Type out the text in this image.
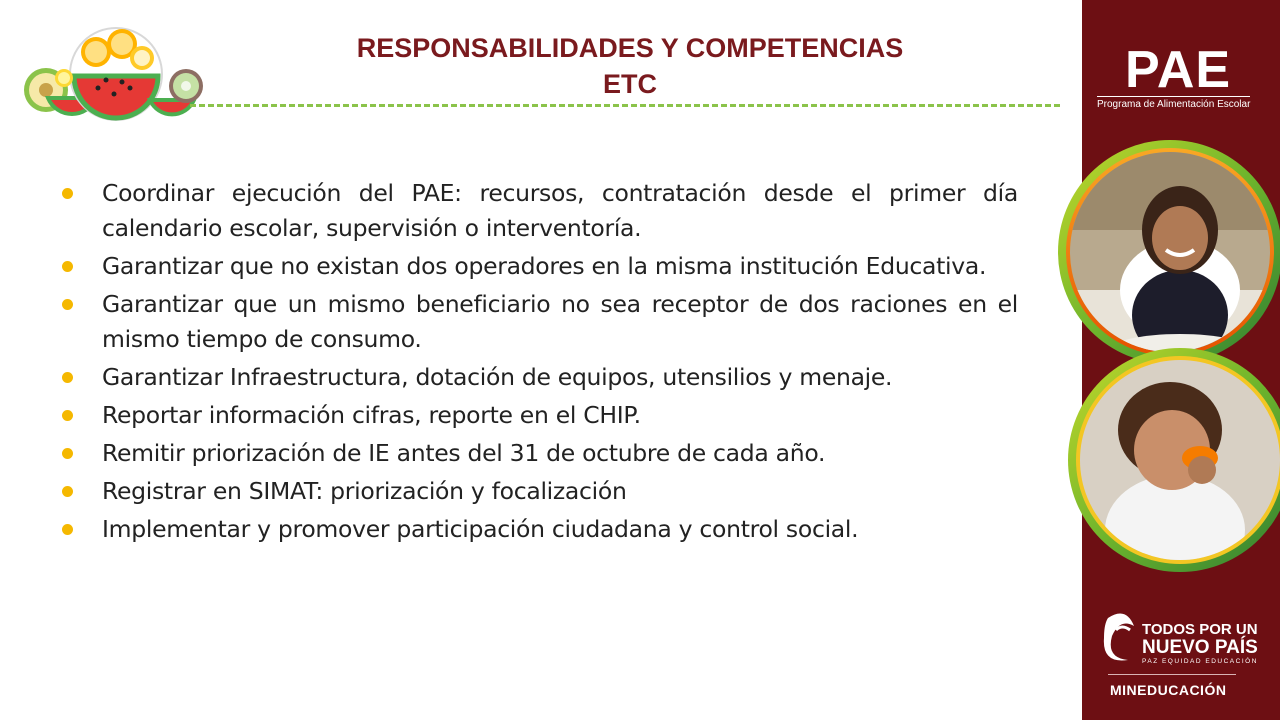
RESPONSABILIDADES Y COMPETENCIAS
ETC
Coordinar ejecución del PAE: recursos, contratación desde el primer día calendario escolar, supervisión o interventoría.
Garantizar que no existan dos operadores en la misma institución Educativa.
Garantizar que un mismo beneficiario no sea receptor de dos raciones en el mismo tiempo de consumo.
Garantizar Infraestructura, dotación de equipos, utensilios y menaje.
Reportar información cifras, reporte en el CHIP.
Remitir priorización de IE antes del 31 de octubre de cada año.
Registrar en SIMAT: priorización y focalización
Implementar y promover participación ciudadana y control social.
PAE
Programa de Alimentación Escolar
TODOS POR UN
NUEVO PAÍS
PAZ EQUIDAD EDUCACIÓN
MINEDUCACIÓN
